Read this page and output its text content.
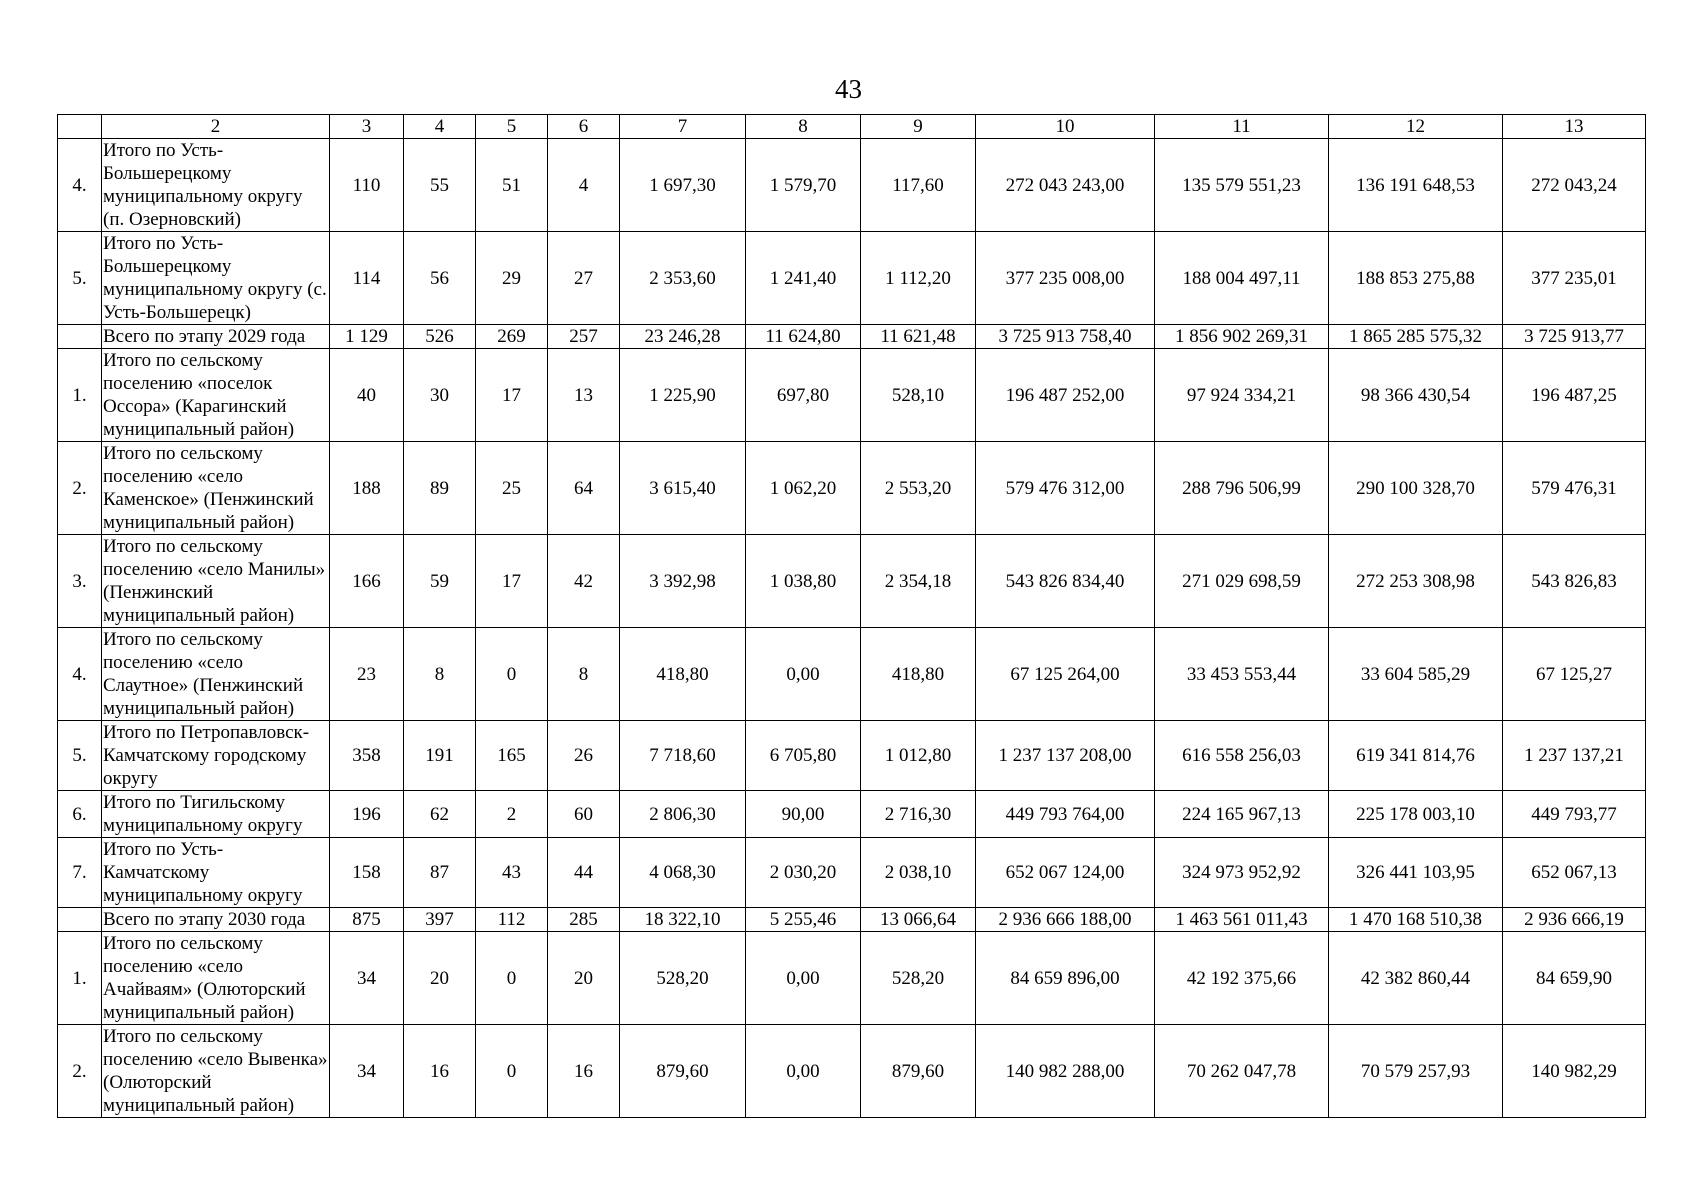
43
	2	3	4	5	6	7	8	9	10	11	12	13
4.	Итого по Усть-Большерецкому муниципальному округу (п. Озерновский)	110	55	51	4	1 697,30	1 579,70	117,60	272 043 243,00	135 579 551,23	136 191 648,53	272 043,24
5.	Итого по Усть-Большерецкому муниципальному округу (с. Усть-Большерецк)	114	56	29	27	2 353,60	1 241,40	1 112,20	377 235 008,00	188 004 497,11	188 853 275,88	377 235,01
	Всего по этапу 2029 года	1 129	526	269	257	23 246,28	11 624,80	11 621,48	3 725 913 758,40	1 856 902 269,31	1 865 285 575,32	3 725 913,77
1.	Итого по сельскому поселению «поселок Оссора» (Карагинский муниципальный район)	40	30	17	13	1 225,90	697,80	528,10	196 487 252,00	97 924 334,21	98 366 430,54	196 487,25
2.	Итого по сельскому поселению «село Каменское» (Пенжинский муниципальный район)	188	89	25	64	3 615,40	1 062,20	2 553,20	579 476 312,00	288 796 506,99	290 100 328,70	579 476,31
3.	Итого по сельскому поселению «село Манилы» (Пенжинский муниципальный район)	166	59	17	42	3 392,98	1 038,80	2 354,18	543 826 834,40	271 029 698,59	272 253 308,98	543 826,83
4.	Итого по сельскому поселению «село Слаутное» (Пенжинский муниципальный район)	23	8	0	8	418,80	0,00	418,80	67 125 264,00	33 453 553,44	33 604 585,29	67 125,27
5.	Итого по Петропавловск-Камчатскому городскому округу	358	191	165	26	7 718,60	6 705,80	1 012,80	1 237 137 208,00	616 558 256,03	619 341 814,76	1 237 137,21
6.	Итого по Тигильскому муниципальному округу	196	62	2	60	2 806,30	90,00	2 716,30	449 793 764,00	224 165 967,13	225 178 003,10	449 793,77
7.	Итого по Усть-Камчатскому муниципальному округу	158	87	43	44	4 068,30	2 030,20	2 038,10	652 067 124,00	324 973 952,92	326 441 103,95	652 067,13
	Всего по этапу 2030 года	875	397	112	285	18 322,10	5 255,46	13 066,64	2 936 666 188,00	1 463 561 011,43	1 470 168 510,38	2 936 666,19
1.	Итого по сельскому поселению «село Ачайваям» (Олюторский муниципальный район)	34	20	0	20	528,20	0,00	528,20	84 659 896,00	42 192 375,66	42 382 860,44	84 659,90
2.	Итого по сельскому поселению «село Вывенка» (Олюторский муниципальный район)	34	16	0	16	879,60	0,00	879,60	140 982 288,00	70 262 047,78	70 579 257,93	140 982,29
